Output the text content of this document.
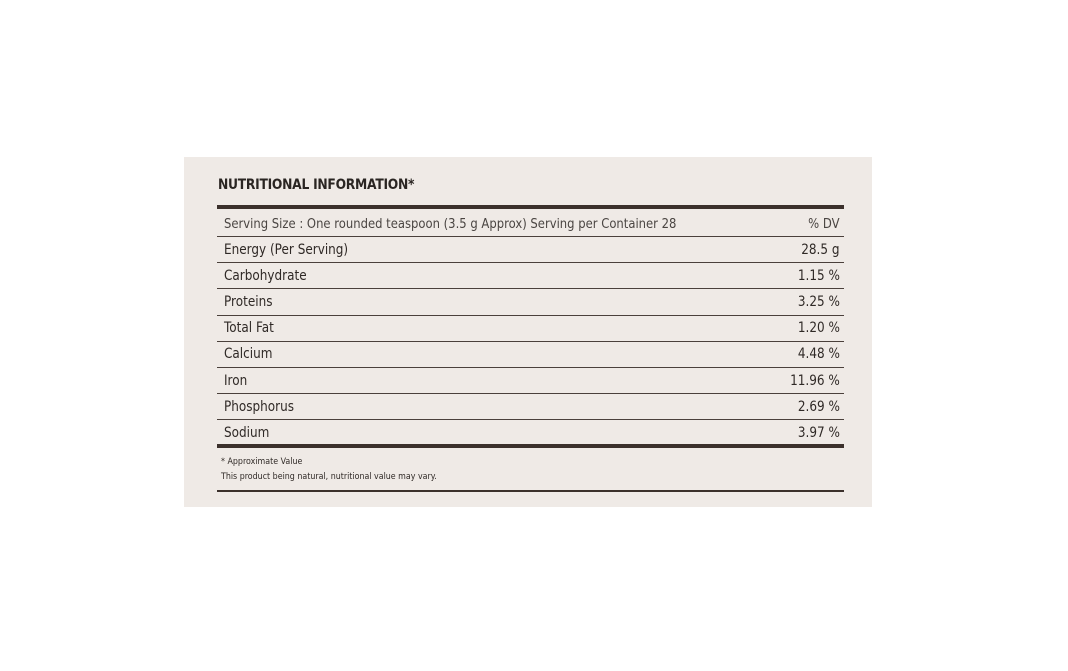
NUTRITIONAL INFORMATION*
Serving Size : One rounded teaspoon (3.5 g Approx) Serving per Container 28	% DV
Energy (Per Serving)	28.5 g
Carbohydrate	1.15 %
Proteins	3.25 %
Total Fat	1.20 %
Calcium	4.48 %
Iron	11.96 %
Phosphorus	2.69 %
Sodium	3.97 %
* Approximate Value
This product being natural, nutritional value may vary.
